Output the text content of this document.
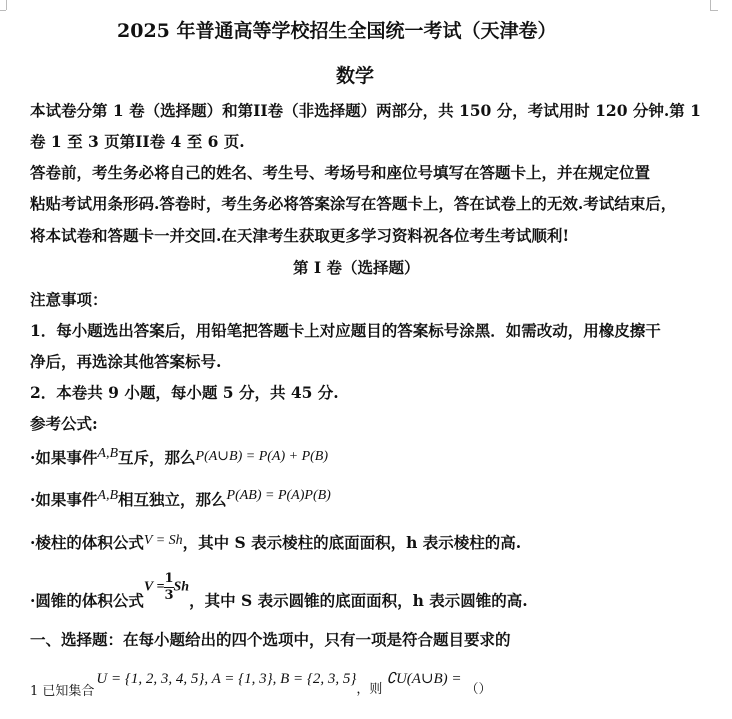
2025 年普通高等学校招生全国统一考试（天津卷）
数学
本试卷分第 1 卷（选择题）和第II卷（非选择题）两部分，共 150 分，考试用时 120 分钟.第 1
卷 1 至 3 页第II卷 4 至 6 页.
答卷前，考生务必将自己的姓名、考生号、考场号和座位号填写在答题卡上，并在规定位置
粘贴考试用条形码.答卷时，考生务必将答案涂写在答题卡上，答在试卷上的无效.考试结束后，
将本试卷和答题卡一并交回.在天津考生获取更多学习资料祝各位考生考试顺利!
第 I 卷（选择题）
注意事项：
1．每小题选出答案后，用铅笔把答题卡上对应题目的答案标号涂黑．如需改动，用橡皮擦干
净后，再选涂其他答案标号.
2．本卷共 9 小题，每小题 5 分，共 45 分.
参考公式:
·如果事件A,B互斥，那么P(A∪B) = P(A) + P(B)
·如果事件A,B相互独立，那么P(AB) = P(A)P(B)
·棱柱的体积公式V = Sh，其中 S 表示棱柱的底面面积，h 表示棱柱的高.
·圆锥的体积公式$V = \frac{1}{3}$ Sh，其中 S 表示圆锥的底面面积，h 表示圆锥的高.
一、选择题：在每小题给出的四个选项中，只有一项是符合题目要求的
1 已知集合U = {1, 2, 3, 4, 5}, A = {1, 3}, B = {2, 3, 5}，则∁U(A∪B) =（）
